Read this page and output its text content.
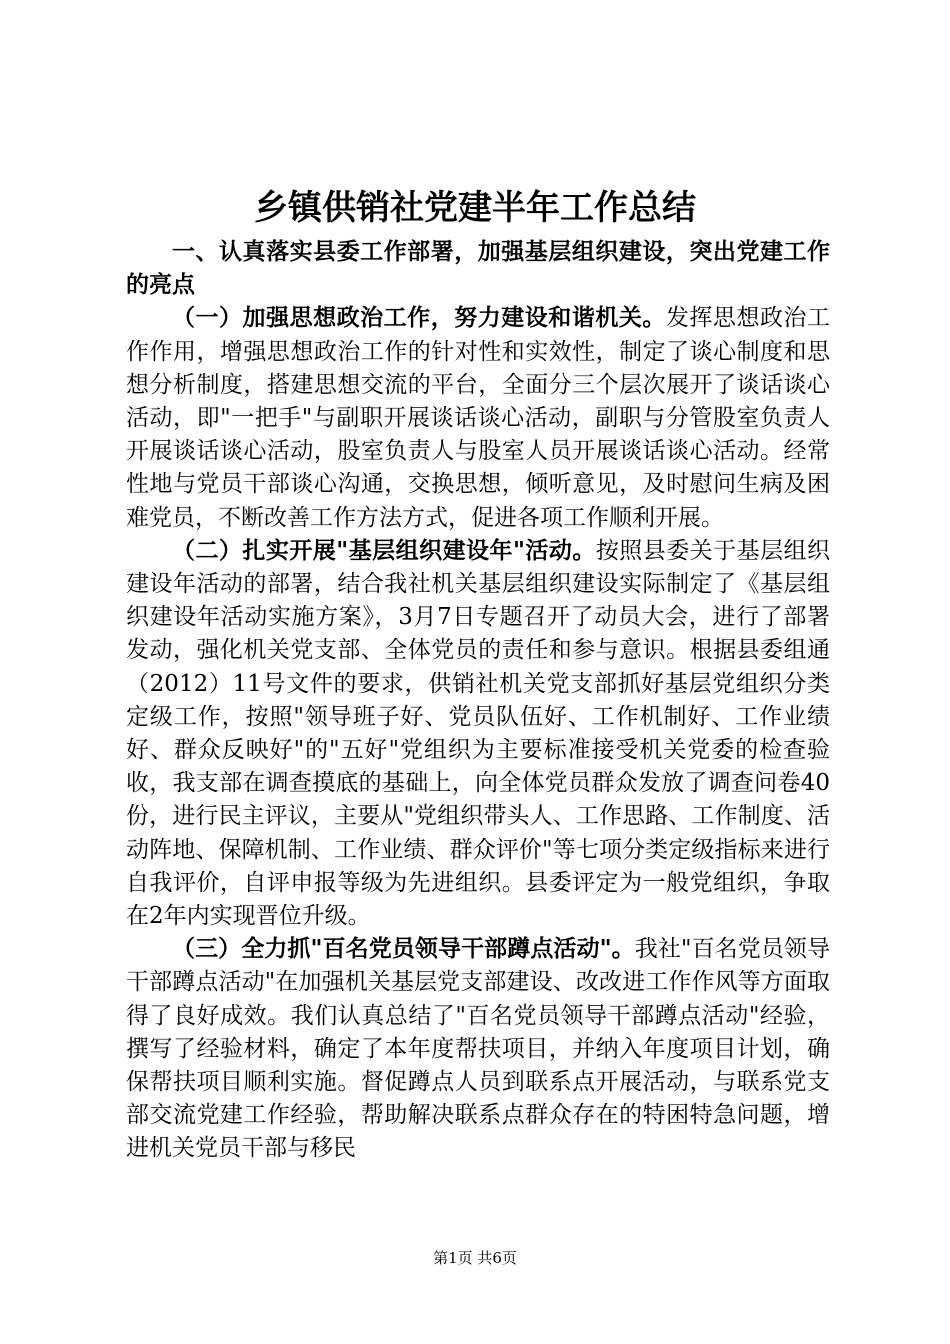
乡镇供销社党建半年工作总结

一、认真落实县委工作部署，加强基层组织建设，突出党建工作的亮点

（一）加强思想政治工作，努力建设和谐机关。发挥思想政治工作作用，增强思想政治工作的针对性和实效性，制定了谈心制度和思想分析制度，搭建思想交流的平台，全面分三个层次展开了谈话谈心活动，即"一把手"与副职开展谈话谈心活动，副职与分管股室负责人开展谈话谈心活动，股室负责人与股室人员开展谈话谈心活动。经常性地与党员干部谈心沟通，交换思想，倾听意见，及时慰问生病及困难党员，不断改善工作方法方式，促进各项工作顺利开展。

（二）扎实开展"基层组织建设年"活动。按照县委关于基层组织建设年活动的部署，结合我社机关基层组织建设实际制定了《基层组织建设年活动实施方案》，3月7日专题召开了动员大会，进行了部署发动，强化机关党支部、全体党员的责任和参与意识。根据县委组通（2012）11号文件的要求，供销社机关党支部抓好基层党组织分类定级工作，按照"领导班子好、党员队伍好、工作机制好、工作业绩好、群众反映好"的"五好"党组织为主要标准接受机关党委的检查验收，我支部在调查摸底的基础上，向全体党员群众发放了调查问卷40份，进行民主评议，主要从"党组织带头人、工作思路、工作制度、活动阵地、保障机制、工作业绩、群众评价"等七项分类定级指标来进行自我评价，自评申报等级为先进组织。县委评定为一般党组织，争取在2年内实现晋位升级。

（三）全力抓"百名党员领导干部蹲点活动"。我社"百名党员领导干部蹲点活动"在加强机关基层党支部建设、改改进工作作风等方面取得了良好成效。我们认真总结了"百名党员领导干部蹲点活动"经验，撰写了经验材料，确定了本年度帮扶项目，并纳入年度项目计划，确保帮扶项目顺利实施。督促蹲点人员到联系点开展活动，与联系党支部交流党建工作经验，帮助解决联系点群众存在的特困特急问题，增进机关党员干部与移民

第1页 共6页
